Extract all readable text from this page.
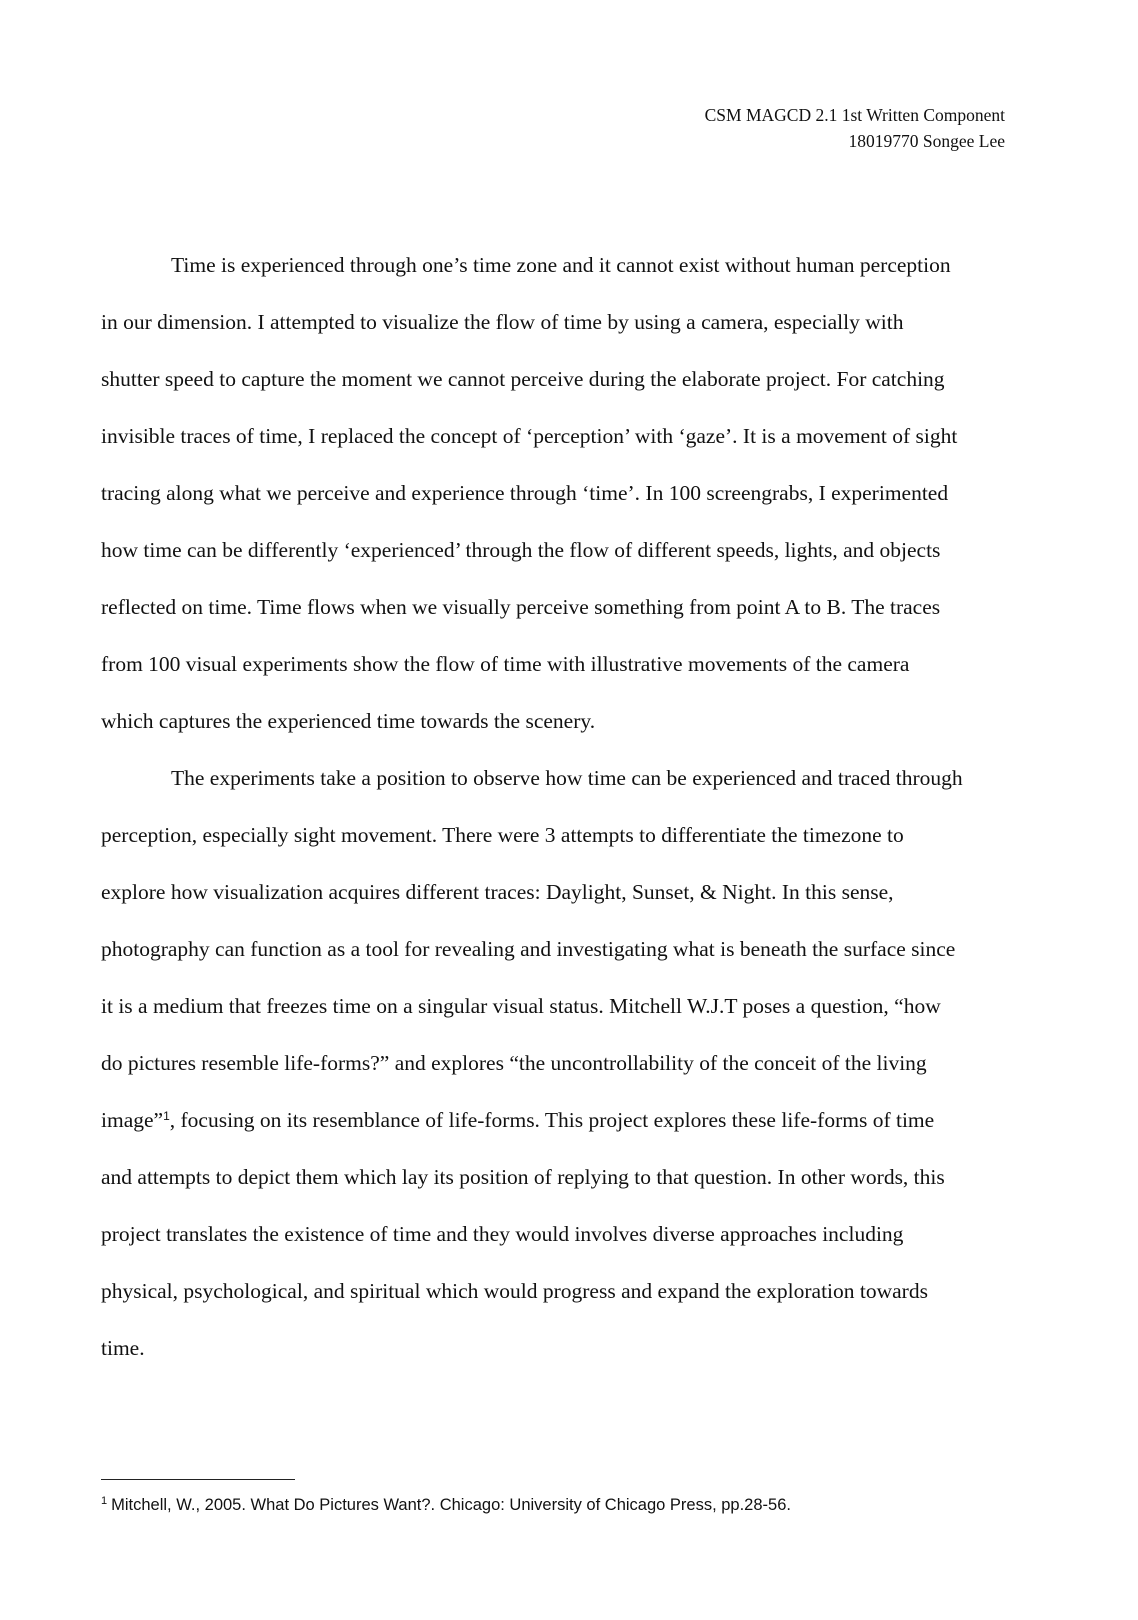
CSM MAGCD 2.1 1st Written Component
18019770 Songee Lee
Time is experienced through one’s time zone and it cannot exist without human perception
in our dimension. I attempted to visualize the flow of time by using a camera, especially with
shutter speed to capture the moment we cannot perceive during the elaborate project. For catching
invisible traces of time, I replaced the concept of ‘perception’ with ‘gaze’. It is a movement of sight
tracing along what we perceive and experience through ‘time’. In 100 screengrabs, I experimented
how time can be differently ‘experienced’ through the flow of different speeds, lights, and objects
reflected on time. Time flows when we visually perceive something from point A to B. The traces
from 100 visual experiments show the flow of time with illustrative movements of the camera
which captures the experienced time towards the scenery.
The experiments take a position to observe how time can be experienced and traced through
perception, especially sight movement. There were 3 attempts to differentiate the timezone to
explore how visualization acquires different traces: Daylight, Sunset, & Night. In this sense,
photography can function as a tool for revealing and investigating what is beneath the surface since
it is a medium that freezes time on a singular visual status. Mitchell W.J.T poses a question, “how
do pictures resemble life-forms?” and explores “the uncontrollability of the conceit of the living
image”$^1$, focusing on its resemblance of life-forms. This project explores these life-forms of time
and attempts to depict them which lay its position of replying to that question. In other words, this
project translates the existence of time and they would involves diverse approaches including
physical, psychological, and spiritual which would progress and expand the exploration towards
time.
$^1$ Mitchell, W., 2005. What Do Pictures Want?. Chicago: University of Chicago Press, pp.28-56.
